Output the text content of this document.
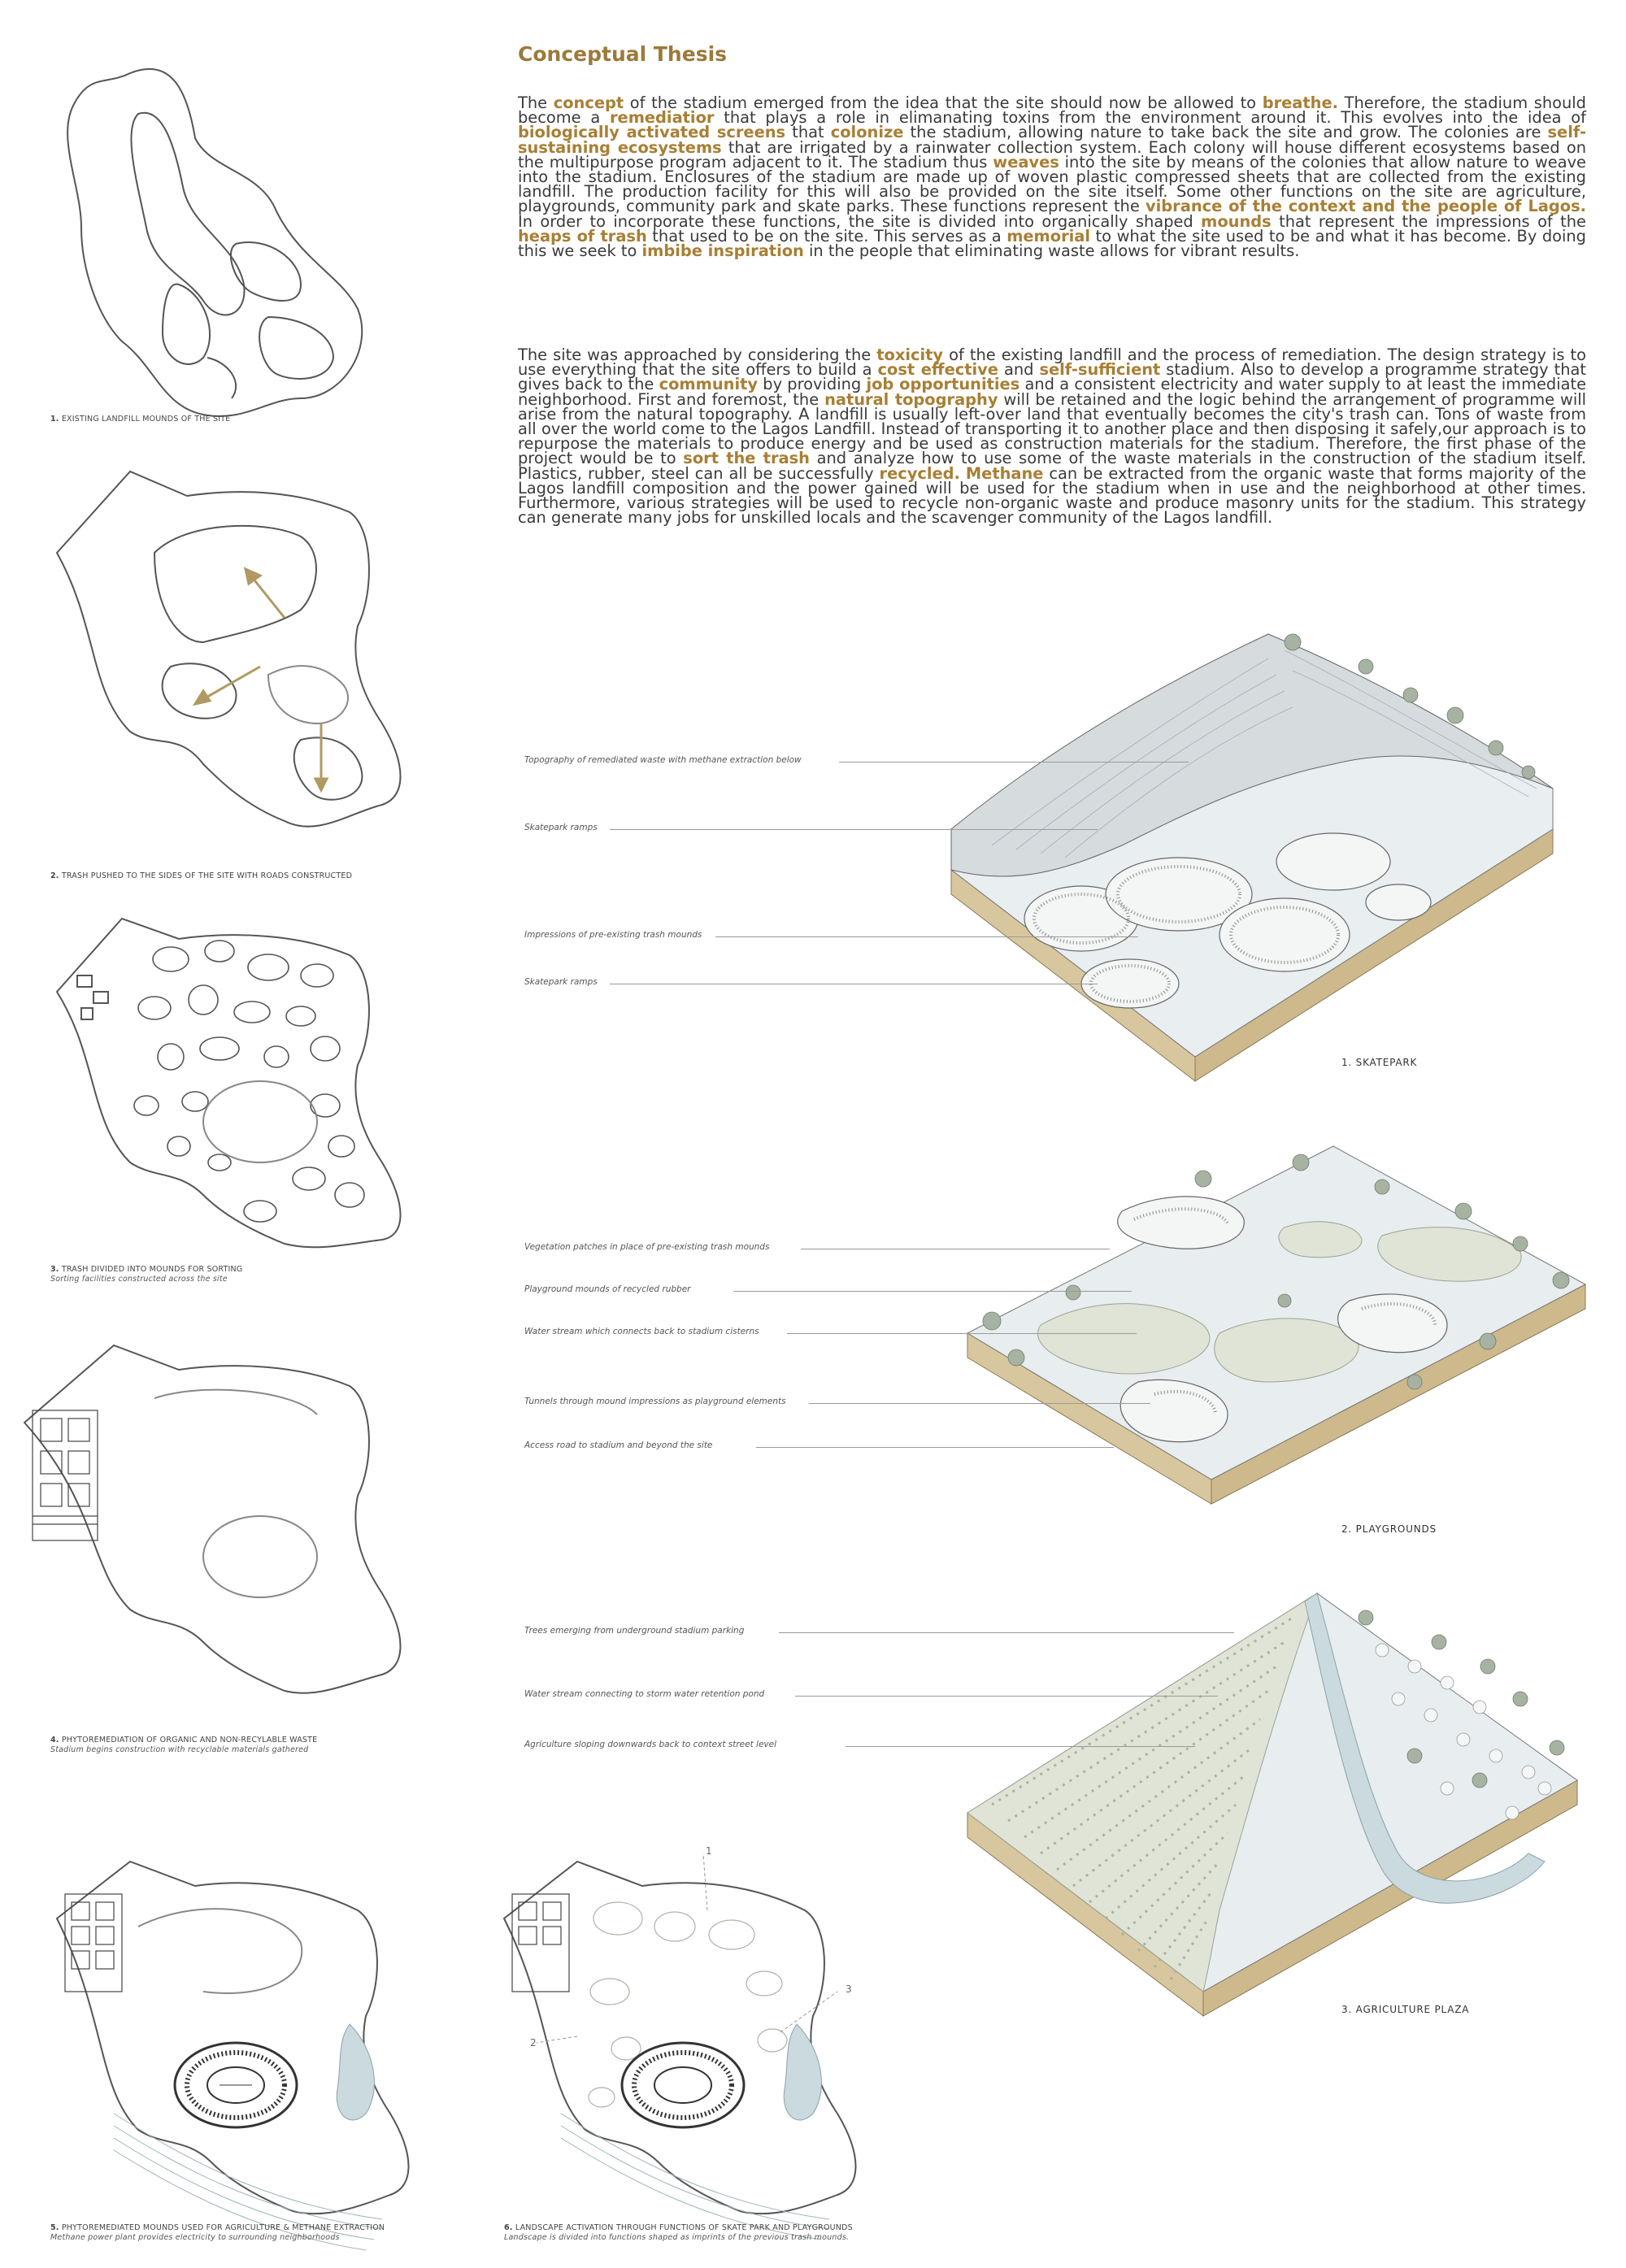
Conceptual Thesis
The concept of the stadium emerged from the idea that the site should now be allowed to breathe. Therefore, the stadium should become a remediatior that plays a role in elimanating toxins from the environment around it. This evolves into the idea of biologically activated screens that colonize the stadium, allowing nature to take back the site and grow. The colonies are self-sustaining ecosystems that are irrigated by a rainwater collection system. Each colony will house different ecosystems based on the multipurpose program adjacent to it. The stadium thus weaves into the site by means of the colonies that allow nature to weave into the stadium. Enclosures of the stadium are made up of woven plastic compressed sheets that are collected from the existing landfill. The production facility for this will also be provided on the site itself. Some other functions on the site are agriculture, playgrounds, community park and skate parks. These functions represent the vibrance of the context and the people of Lagos. In order to incorporate these functions, the site is divided into organically shaped mounds that represent the impressions of the heaps of trash that used to be on the site. This serves as a memorial to what the site used to be and what it has become. By doing this we seek to imbibe inspiration in the people that eliminating waste allows for vibrant results.
The site was approached by considering the toxicity of the existing landfill and the process of remediation. The design strategy is to use everything that the site offers to build a cost effective and self-sufficient stadium. Also to develop a programme strategy that gives back to the community by providing job opportunities and a consistent electricity and water supply to at least the immediate neighborhood. First and foremost, the natural topography will be retained and the logic behind the arrangement of programme will arise from the natural topography. A landfill is usually left-over land that eventually becomes the city's trash can. Tons of waste from all over the world come to the Lagos Landfill. Instead of transporting it to another place and then disposing it safely,our approach is to repurpose the materials to produce energy and be used as construction materials for the stadium. Therefore, the first phase of the project would be to sort the trash and analyze how to use some of the waste materials in the construction of the stadium itself. Plastics, rubber, steel can all be successfully recycled. Methane can be extracted from the organic waste that forms majority of the Lagos landfill composition and the power gained will be used for the stadium when in use and the neighborhood at other times. Furthermore, various strategies will be used to recycle non-organic waste and produce masonry units for the stadium. This strategy can generate many jobs for unskilled locals and the scavenger community of the Lagos landfill.
1. EXISTING LANDFILL MOUNDS OF THE SITE
2. TRASH PUSHED TO THE SIDES OF THE SITE WITH ROADS CONSTRUCTED
3. TRASH DIVIDED INTO MOUNDS FOR SORTING
Sorting facilities constructed across the site
4. PHYTOREMEDIATION OF ORGANIC AND NON-RECYLABLE WASTE
Stadium begins construction with recyclable materials gathered
5. PHYTOREMEDIATED MOUNDS USED FOR AGRICULTURE & METHANE EXTRACTION
Methane power plant provides electricity to surrounding neighborhoods
1
2
3
6. LANDSCAPE ACTIVATION THROUGH FUNCTIONS OF SKATE PARK AND PLAYGROUNDS
Landscape is divided into functions shaped as imprints of the previous trash mounds.
1. SKATEPARK
Topography of remediated waste with methane extraction below
Skatepark ramps
Impressions of pre-existing trash mounds
Skatepark ramps
2. PLAYGROUNDS
Vegetation patches in place of pre-existing trash mounds
Playground mounds of recycled rubber
Water stream which connects back to stadium cisterns
Tunnels through mound impressions as playground elements
Access road to stadium and beyond the site
3. AGRICULTURE PLAZA
Trees emerging from underground stadium parking
Water stream connecting to storm water retention pond
Agriculture sloping downwards back to context street level
